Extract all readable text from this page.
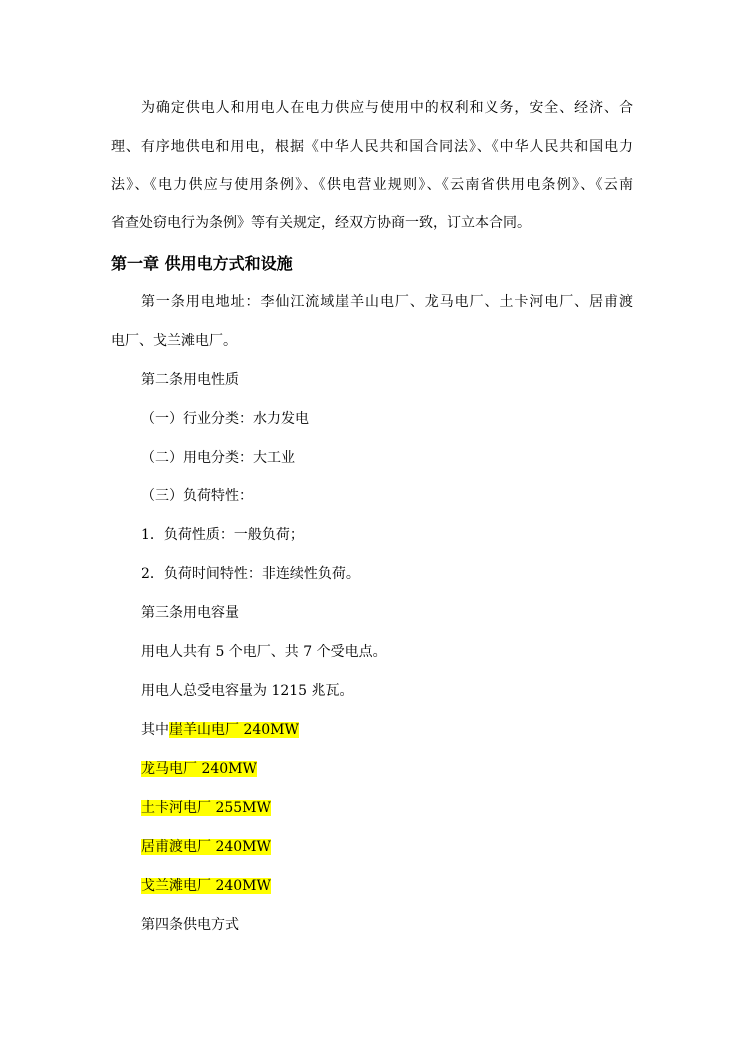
为确定供电人和用电人在电力供应与使用中的权利和义务，安全、经济、合
理、有序地供电和用电，根据《中华人民共和国合同法》、《中华人民共和国电力
法》、《电力供应与使用条例》、《供电营业规则》、《云南省供用电条例》、《云南
省查处窃电行为条例》等有关规定，经双方协商一致，订立本合同。
第一章 供用电方式和设施
第一条用电地址：李仙江流域崖羊山电厂、龙马电厂、土卡河电厂、居甫渡
电厂、戈兰滩电厂。
第二条用电性质
（一）行业分类：水力发电
（二）用电分类：大工业
（三）负荷特性：
1．负荷性质：一般负荷；
2．负荷时间特性：非连续性负荷。
第三条用电容量
用电人共有 5 个电厂、共 7 个受电点。
用电人总受电容量为 1215 兆瓦。
其中崖羊山电厂 240MW
龙马电厂 240MW
土卡河电厂 255MW
居甫渡电厂 240MW
戈兰滩电厂 240MW
第四条供电方式
